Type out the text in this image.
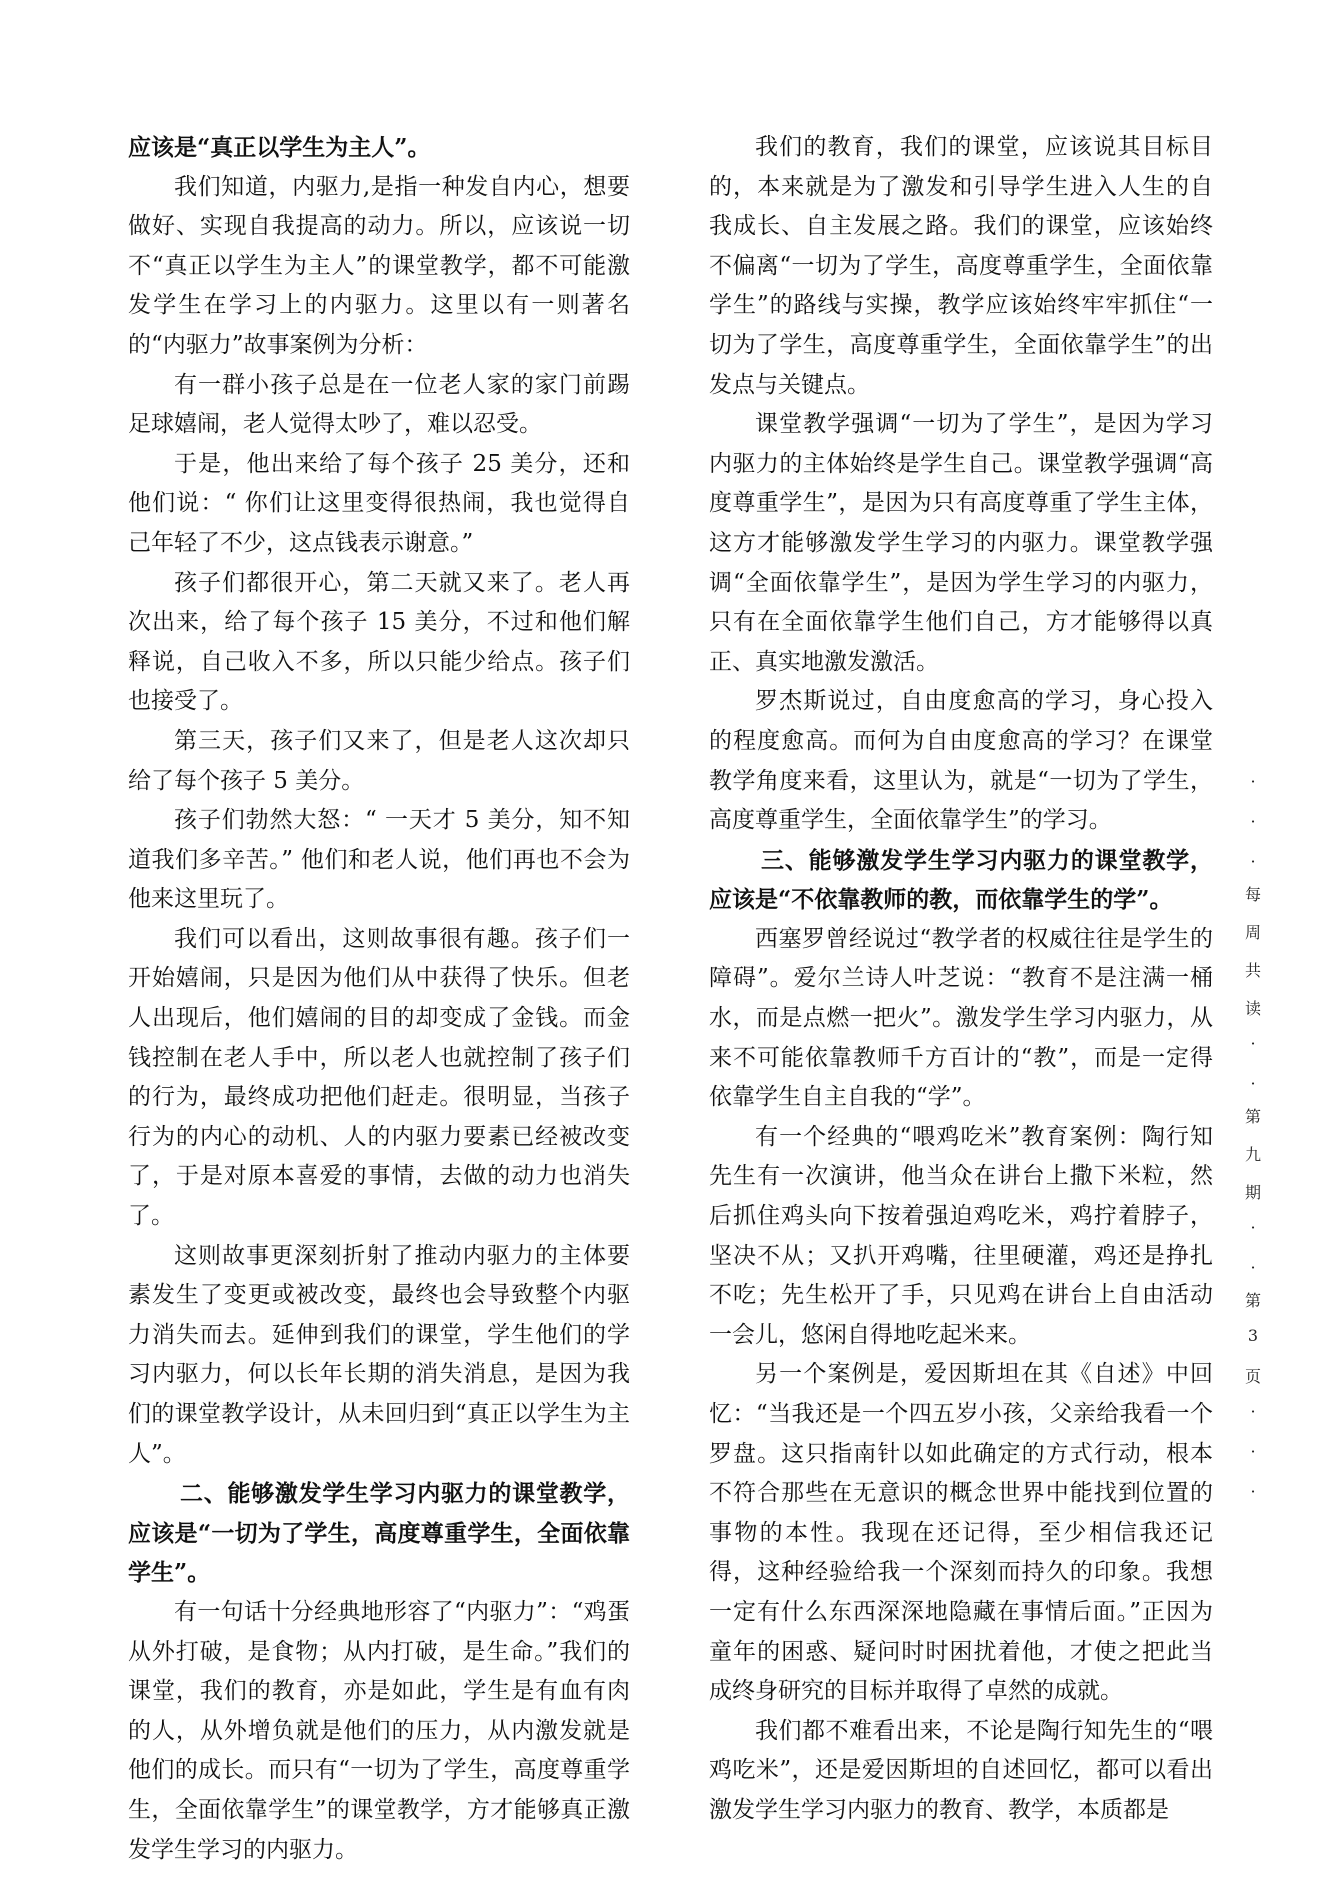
应该是“真正以学生为主人”。

我们知道，内驱力,是指一种发自内心，想要做好、实现自我提高的动力。所以，应该说一切不“真正以学生为主人”的课堂教学，都不可能激发学生在学习上的内驱力。这里以有一则著名的“内驱力”故事案例为分析：

有一群小孩子总是在一位老人家的家门前踢足球嬉闹，老人觉得太吵了，难以忍受。

于是，他出来给了每个孩子 25 美分，还和他们说：“ 你们让这里变得很热闹，我也觉得自己年轻了不少，这点钱表示谢意。”

孩子们都很开心，第二天就又来了。老人再次出来，给了每个孩子 15 美分，不过和他们解释说，自己收入不多，所以只能少给点。孩子们也接受了。

第三天，孩子们又来了，但是老人这次却只给了每个孩子 5 美分。

孩子们勃然大怒：“ 一天才 5 美分，知不知道我们多辛苦。” 他们和老人说，他们再也不会为他来这里玩了。

我们可以看出，这则故事很有趣。孩子们一开始嬉闹，只是因为他们从中获得了快乐。但老人出现后，他们嬉闹的目的却变成了金钱。而金钱控制在老人手中，所以老人也就控制了孩子们的行为，最终成功把他们赶走。很明显，当孩子行为的内心的动机、人的内驱力要素已经被改变了，于是对原本喜爱的事情，去做的动力也消失了。

这则故事更深刻折射了推动内驱力的主体要素发生了变更或被改变，最终也会导致整个内驱力消失而去。延伸到我们的课堂，学生他们的学习内驱力，何以长年长期的消失消息，是因为我们的课堂教学设计，从未回归到“真正以学生为主人”。

二、能够激发学生学习内驱力的课堂教学，应该是“一切为了学生，高度尊重学生，全面依靠学生”。

有一句话十分经典地形容了“内驱力”：“鸡蛋从外打破，是食物；从内打破，是生命。”我们的课堂，我们的教育，亦是如此，学生是有血有肉的人，从外增负就是他们的压力，从内激发就是他们的成长。而只有“一切为了学生，高度尊重学生，全面依靠学生”的课堂教学，方才能够真正激发学生学习的内驱力。

我们的教育，我们的课堂，应该说其目标目的，本来就是为了激发和引导学生进入人生的自我成长、自主发展之路。我们的课堂，应该始终不偏离“一切为了学生，高度尊重学生，全面依靠学生”的路线与实操，教学应该始终牢牢抓住“一切为了学生，高度尊重学生，全面依靠学生”的出发点与关键点。

课堂教学强调“一切为了学生”，是因为学习内驱力的主体始终是学生自己。课堂教学强调“高度尊重学生”，是因为只有高度尊重了学生主体，这方才能够激发学生学习的内驱力。课堂教学强调“全面依靠学生”，是因为学生学习的内驱力，只有在全面依靠学生他们自己，方才能够得以真正、真实地激发激活。

罗杰斯说过，自由度愈高的学习，身心投入的程度愈高。而何为自由度愈高的学习？在课堂教学角度来看，这里认为，就是“一切为了学生，高度尊重学生，全面依靠学生”的学习。

三、能够激发学生学习内驱力的课堂教学，应该是“不依靠教师的教，而依靠学生的学”。

西塞罗曾经说过“教学者的权威往往是学生的障碍”。爱尔兰诗人叶芝说：“教育不是注满一桶水，而是点燃一把火”。激发学生学习内驱力，从来不可能依靠教师千方百计的“教”，而是一定得依靠学生自主自我的“学”。

有一个经典的“喂鸡吃米”教育案例：陶行知先生有一次演讲，他当众在讲台上撒下米粒，然后抓住鸡头向下按着强迫鸡吃米，鸡拧着脖子，坚决不从；又扒开鸡嘴，往里硬灌，鸡还是挣扎不吃；先生松开了手，只见鸡在讲台上自由活动一会儿，悠闲自得地吃起米来。

另一个案例是，爱因斯坦在其《自述》中回忆：“当我还是一个四五岁小孩，父亲给我看一个罗盘。这只指南针以如此确定的方式行动，根本不符合那些在无意识的概念世界中能找到位置的事物的本性。我现在还记得，至少相信我还记得，这种经验给我一个深刻而持久的印象。我想一定有什么东西深深地隐藏在事情后面。”正因为童年的困惑、疑问时时困扰着他，才使之把此当成终身研究的目标并取得了卓然的成就。

我们都不难看出来，不论是陶行知先生的“喂鸡吃米”，还是爱因斯坦的自述回忆，都可以看出激发学生学习内驱力的教育、教学，本质都是

·
·
·
每
周
共
读
·
·
第
九
期
·
·
第
3
页
·
·
·
